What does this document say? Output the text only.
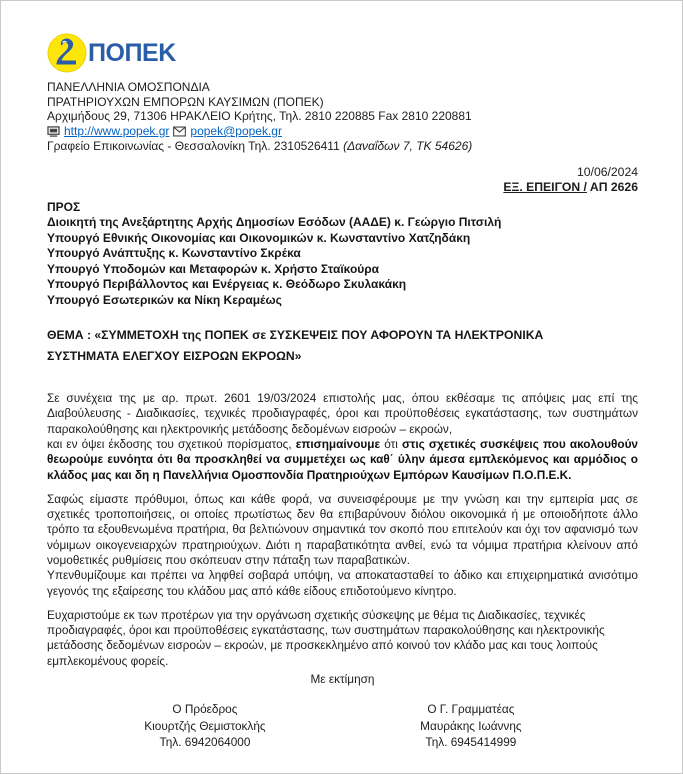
ΠΟΠΕΚ
ΠΑΝΕΛΛΗΝΙΑ ΟΜΟΣΠΟΝΔΙΑ
ΠΡΑΤΗΡΙΟΥΧΩΝ ΕΜΠΟΡΩΝ ΚΑΥΣΙΜΩΝ (ΠΟΠΕΚ)
Αρχιμήδους 29, 71306 ΗΡΑΚΛΕΙΟ Κρήτης, Τηλ. 2810 220885 Fax 2810 220881
http://www.popek.gr popek@popek.gr
Γραφείο Επικοινωνίας - Θεσσαλονίκη Τηλ. 2310526411 (Δαναΐδων 7, ΤΚ 54626)
10/06/2024
ΕΞ. ΕΠΕΙΓΟΝ / ΑΠ 2626
ΠΡΟΣ
Διοικητή της Ανεξάρτητης Αρχής Δημοσίων Εσόδων (ΑΑΔΕ) κ. Γεώργιο Πιτσιλή
Υπουργό Εθνικής Οικονομίας και Οικονομικών κ. Κωνσταντίνο Χατζηδάκη
Υπουργό Ανάπτυξης κ. Κωνσταντίνο Σκρέκα
Υπουργό Υποδομών και Μεταφορών κ. Χρήστο Σταϊκούρα
Υπουργό Περιβάλλοντος και Ενέργειας κ. Θεόδωρο Σκυλακάκη
Υπουργό Εσωτερικών κα Νίκη Κεραμέως
ΘΕΜΑ : «ΣΥΜΜΕΤΟΧΗ της ΠΟΠΕΚ σε ΣΥΣΚΕΨΕΙΣ ΠΟΥ ΑΦΟΡΟΥΝ ΤΑ ΗΛΕΚΤΡΟΝΙΚΑ
ΣΥΣΤΗΜΑΤΑ ΕΛΕΓΧΟΥ ΕΙΣΡΟΩΝ ΕΚΡΟΩΝ»

Σε συνέχεια της με αρ. πρωτ. 2601 19/03/2024 επιστολής μας, όπου εκθέσαμε τις απόψεις μας επί της Διαβούλευσης - Διαδικασίες, τεχνικές προδιαγραφές, όροι και προϋποθέσεις εγκατάστασης, των συστημάτων παρακολούθησης και ηλεκτρονικής μετάδοσης δεδομένων εισροών – εκροών,

και εν όψει έκδοσης του σχετικού πορίσματος, επισημαίνουμε ότι στις σχετικές συσκέψεις που ακολουθούν θεωρούμε ευνόητα ότι θα προσκληθεί να συμμετέχει ως καθ΄ ύλην άμεσα εμπλεκόμενος και αρμόδιος ο κλάδος μας και δη η Πανελλήνια Ομοσπονδία Πρατηριούχων Εμπόρων Καυσίμων Π.Ο.Π.Ε.Κ.

Σαφώς είμαστε πρόθυμοι, όπως και κάθε φορά, να συνεισφέρουμε με την γνώση και την εμπειρία μας σε σχετικές τροποποιήσεις, οι οποίες πρωτίστως δεν θα επιβαρύνουν διόλου οικονομικά ή με οποιοδήποτε άλλο τρόπο τα εξουθενωμένα πρατήρια, θα βελτιώνουν σημαντικά τον σκοπό που επιτελούν και όχι τον αφανισμό των νόμιμων οικογενειαρχών πρατηριούχων. Διότι η παραβατικότητα ανθεί, ενώ τα νόμιμα πρατήρια κλείνουν από νομοθετικές ρυθμίσεις που σκόπευαν στην πάταξη των παραβατικών.

Υπενθυμίζουμε και πρέπει να ληφθεί σοβαρά υπόψη, να αποκατασταθεί το άδικο και επιχειρηματικά ανισότιμο γεγονός της εξαίρεσης του κλάδου μας από κάθε είδους επιδοτούμενο κίνητρο.

Ευχαριστούμε εκ των προτέρων για την οργάνωση σχετικής σύσκεψης με θέμα τις Διαδικασίες, τεχνικές προδιαγραφές, όροι και προϋποθέσεις εγκατάστασης, των συστημάτων παρακολούθησης και ηλεκτρονικής μετάδοσης δεδομένων εισροών – εκροών, με προσκεκλημένο από κοινού τον κλάδο μας και τους λοιπούς εμπλεκομένους φορείς.

Με εκτίμηση
Ο Πρόεδρος
Κιουρτζής Θεμιστοκλής
Τηλ. 6942064000
Ο Γ. Γραμματέας
Μαυράκης Ιωάννης
Τηλ. 6945414999
